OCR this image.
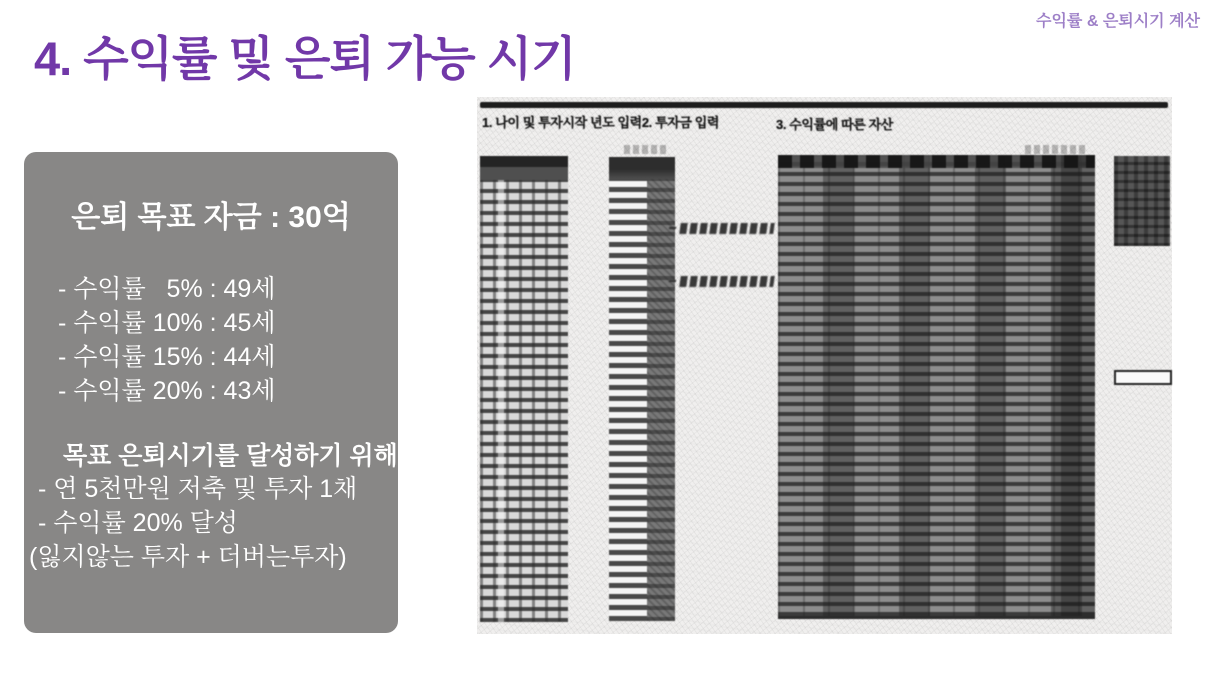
4. 수익률 및 은퇴 가능 시기
수익률 & 은퇴시기 계산
은퇴 목표 자금 : 30억
- 수익률   5% : 49세
- 수익률 10% : 45세
- 수익률 15% : 44세
- 수익률 20% : 43세
목표 은퇴시기를 달성하기 위해
- 연 5천만원 저축 및 투자 1채
- 수익률 20% 달성
(잃지않는 투자 + 더버는투자)
1. 나이 및 투자시작 년도 입력2. 투자금 입력	3. 수익률에 따른 자산
